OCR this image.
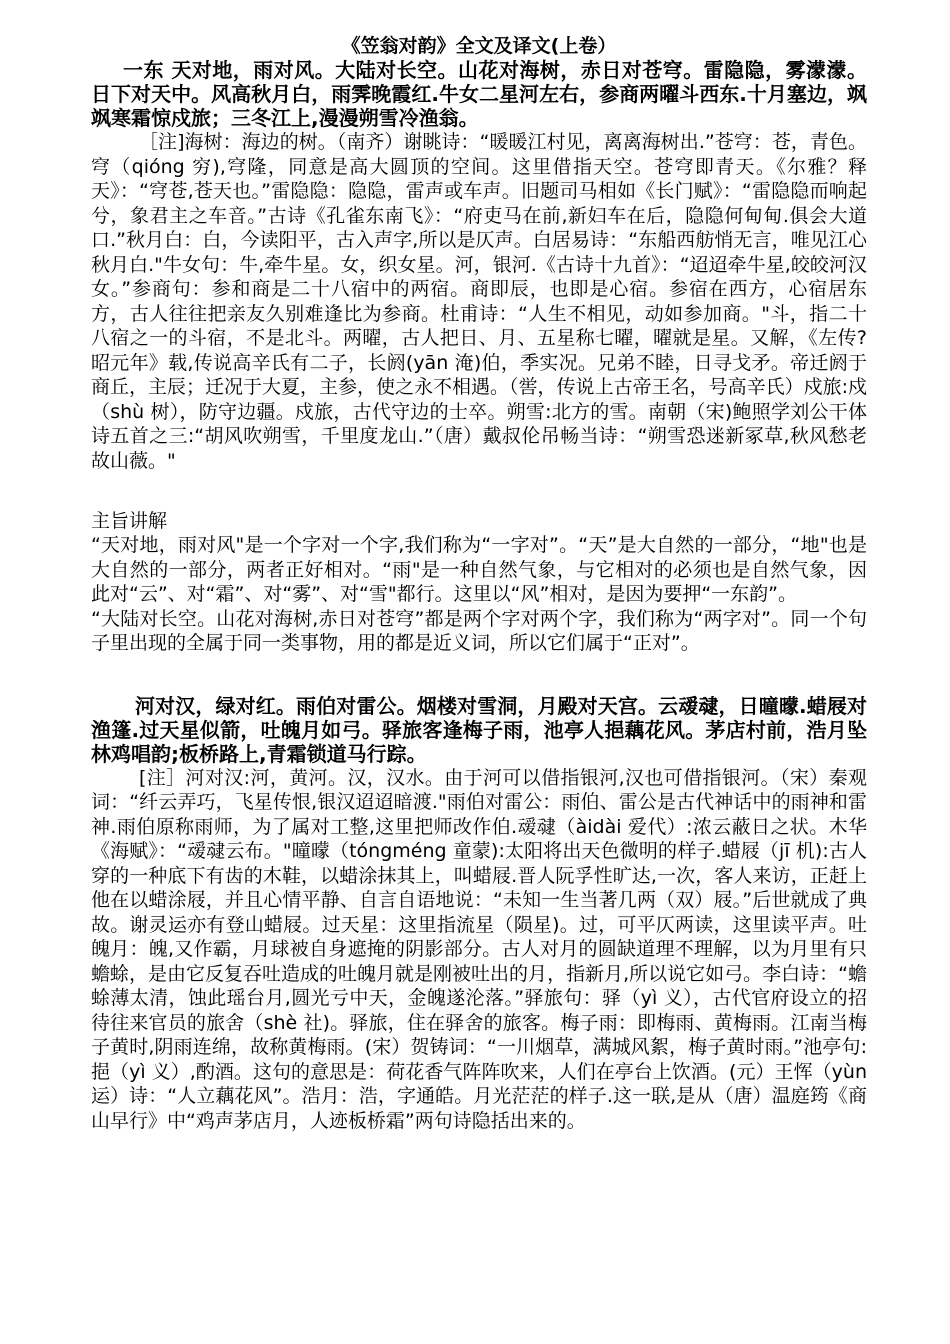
《笠翁对韵》全文及译文(上卷）

一东 天对地，雨对风。大陆对长空。山花对海树，赤日对苍穹。雷隐隐，雾濛濛。日下对天中。风高秋月白，雨霁晚霞红.牛女二星河左右，参商两曜斗西东.十月塞边，飒飒寒霜惊戍旅；三冬江上,漫漫朔雪冷渔翁。

［注]海树：海边的树。（南齐）谢眺诗：“暖暖江村见，离离海树出.”苍穹：苍，青色。穹（qióng 穷),穹隆，同意是高大圆顶的空间。这里借指天空。苍穹即青天。《尔雅？释天》：“穹苍,苍天也。”雷隐隐：隐隐，雷声或车声。旧题司马相如《长门赋》：“雷隐隐而响起兮，象君主之车音。”古诗《孔雀东南飞》：“府吏马在前,新妇车在后，隐隐何甸甸.俱会大道口.”秋月白：白，今读阳平，古入声字,所以是仄声。白居易诗：“东船西舫悄无言，唯见江心秋月白."牛女句：牛,牵牛星。女，织女星。河，银河.《古诗十九首》：“迢迢牵牛星,皎皎河汉女。”参商句：参和商是二十八宿中的两宿。商即辰，也即是心宿。参宿在西方，心宿居东方，古人往往把亲友久别难逢比为参商。杜甫诗：“人生不相见，动如参加商。"斗，指二十八宿之一的斗宿，不是北斗。两曜，古人把日、月、五星称七曜，曜就是星。又解，《左传?昭元年》载,传说高辛氏有二子，长阏(yān 淹)伯，季实况。兄弟不睦，日寻戈矛。帝迁阏于商丘，主辰；迁况于大夏，主参，使之永不相遇。（喾，传说上古帝王名，号高辛氏）戍旅:戍（shù 树），防守边疆。戍旅，古代守边的士卒。朔雪:北方的雪。南朝（宋)鲍照学刘公干体诗五首之三:“胡风吹朔雪，千里度龙山.”（唐）戴叔伦吊畅当诗：“朔雪恐迷新冢草,秋风愁老故山薇。"

主旨讲解

“天对地，雨对风"是一个字对一个字,我们称为“一字对”。“天”是大自然的一部分，“地"也是大自然的一部分，两者正好相对。“雨"是一种自然气象，与它相对的必须也是自然气象，因此对“云”、对“霜”、对“雾”、对“雪"都行。这里以“风”相对，是因为要押“一东韵”。

“大陆对长空。山花对海树,赤日对苍穹”都是两个字对两个字，我们称为“两字对”。同一个句子里出现的全属于同一类事物，用的都是近义词，所以它们属于“正对”。

河对汉，绿对红。雨伯对雷公。烟楼对雪洞，月殿对天宫。云叆叇，日曈曚.蜡屐对渔篷.过天星似箭，吐魄月如弓。驿旅客逢梅子雨，池亭人挹藕花风。茅店村前，浩月坠林鸡唱韵;板桥路上,青霜锁道马行踪。

[注］河对汉:河，黄河。汉，汉水。由于河可以借指银河,汉也可借指银河。（宋）秦观词：“纤云弄巧，飞星传恨,银汉迢迢暗渡."雨伯对雷公：雨伯、雷公是古代神话中的雨神和雷神.雨伯原称雨师，为了属对工整,这里把师改作伯.叆叇（àidài 爱代）:浓云蔽日之状。木华《海赋》：“叆叇云布。"曈曚（tóngméng 童蒙):太阳将出天色微明的样子.蜡屐（jī 机):古人穿的一种底下有齿的木鞋，以蜡涂抹其上，叫蜡屐.晋人阮孚性旷达,一次，客人来访，正赶上他在以蜡涂屐，并且心情平静、自言自语地说：“未知一生当著几两（双）屐。”后世就成了典故。谢灵运亦有登山蜡屐。过天星：这里指流星（陨星)。过，可平仄两读，这里读平声。吐魄月：魄,又作霸，月球被自身遮掩的阴影部分。古人对月的圆缺道理不理解，以为月里有只蟾蜍，是由它反复吞吐造成的吐魄月就是刚被吐出的月，指新月,所以说它如弓。李白诗：“蟾蜍薄太清，蚀此瑶台月,圆光亏中天，金魄遂沦落。”驿旅句：驿（yì 义），古代官府设立的招待往来官员的旅舍（shè 社)。驿旅，住在驿舍的旅客。梅子雨：即梅雨、黄梅雨。江南当梅子黄时,阴雨连绵，故称黄梅雨。(宋）贺铸词：“一川烟草，满城风絮，梅子黄时雨。”池亭句:挹（yì 义）,酌酒。这句的意思是：荷花香气阵阵吹来，人们在亭台上饮酒。(元）王恽（yùn 运）诗：“人立藕花风”。浩月：浩，字通皓。月光茫茫的样子.这一联,是从（唐）温庭筠《商山早行》中“鸡声茅店月，人迹板桥霜”两句诗隐括出来的。
